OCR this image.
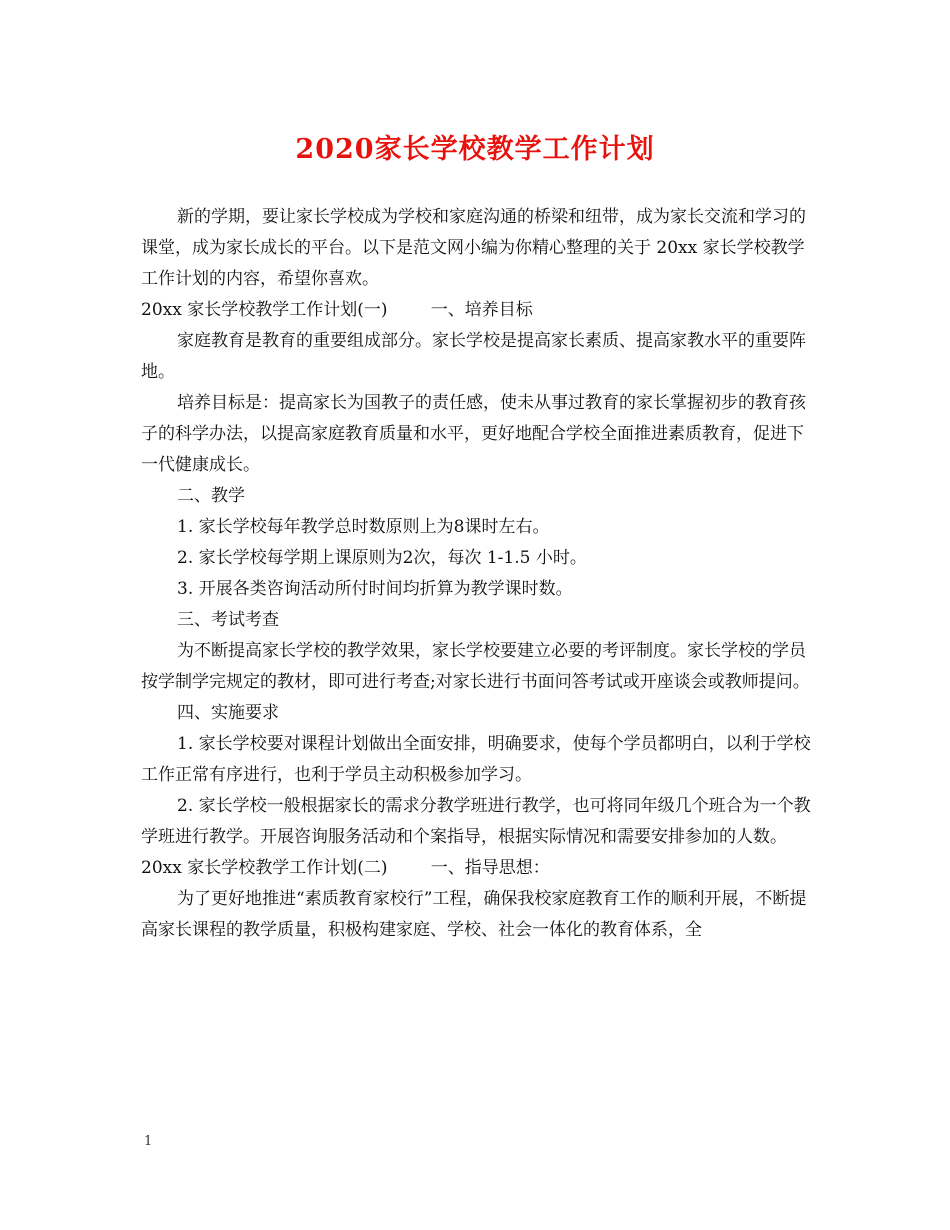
2020家长学校教学工作计划

新的学期，要让家长学校成为学校和家庭沟通的桥梁和纽带，成为家长交流和学习的课堂，成为家长成长的平台。以下是范文网小编为你精心整理的关于 20xx 家长学校教学工作计划的内容，希望你喜欢。

20xx 家长学校教学工作计划(一)        一、培养目标

家庭教育是教育的重要组成部分。家长学校是提高家长素质、提高家教水平的重要阵地。

培养目标是：提高家长为国教子的责任感，使未从事过教育的家长掌握初步的教育孩子的科学办法，以提高家庭教育质量和水平，更好地配合学校全面推进素质教育，促进下一代健康成长。

二、教学

1. 家长学校每年教学总时数原则上为8课时左右。

2. 家长学校每学期上课原则为2次，每次 1-1.5 小时。

3. 开展各类咨询活动所付时间均折算为教学课时数。

三、考试考查

为不断提高家长学校的教学效果，家长学校要建立必要的考评制度。家长学校的学员按学制学完规定的教材，即可进行考查;对家长进行书面问答考试或开座谈会或教师提问。

四、实施要求

1. 家长学校要对课程计划做出全面安排，明确要求，使每个学员都明白，以利于学校工作正常有序进行，也利于学员主动积极参加学习。

2. 家长学校一般根据家长的需求分教学班进行教学，也可将同年级几个班合为一个教学班进行教学。开展咨询服务活动和个案指导，根据实际情况和需要安排参加的人数。

20xx 家长学校教学工作计划(二)        一、指导思想：

为了更好地推进“素质教育家校行”工程，确保我校家庭教育工作的顺利开展，不断提高家长课程的教学质量，积极构建家庭、学校、社会一体化的教育体系，全

1
